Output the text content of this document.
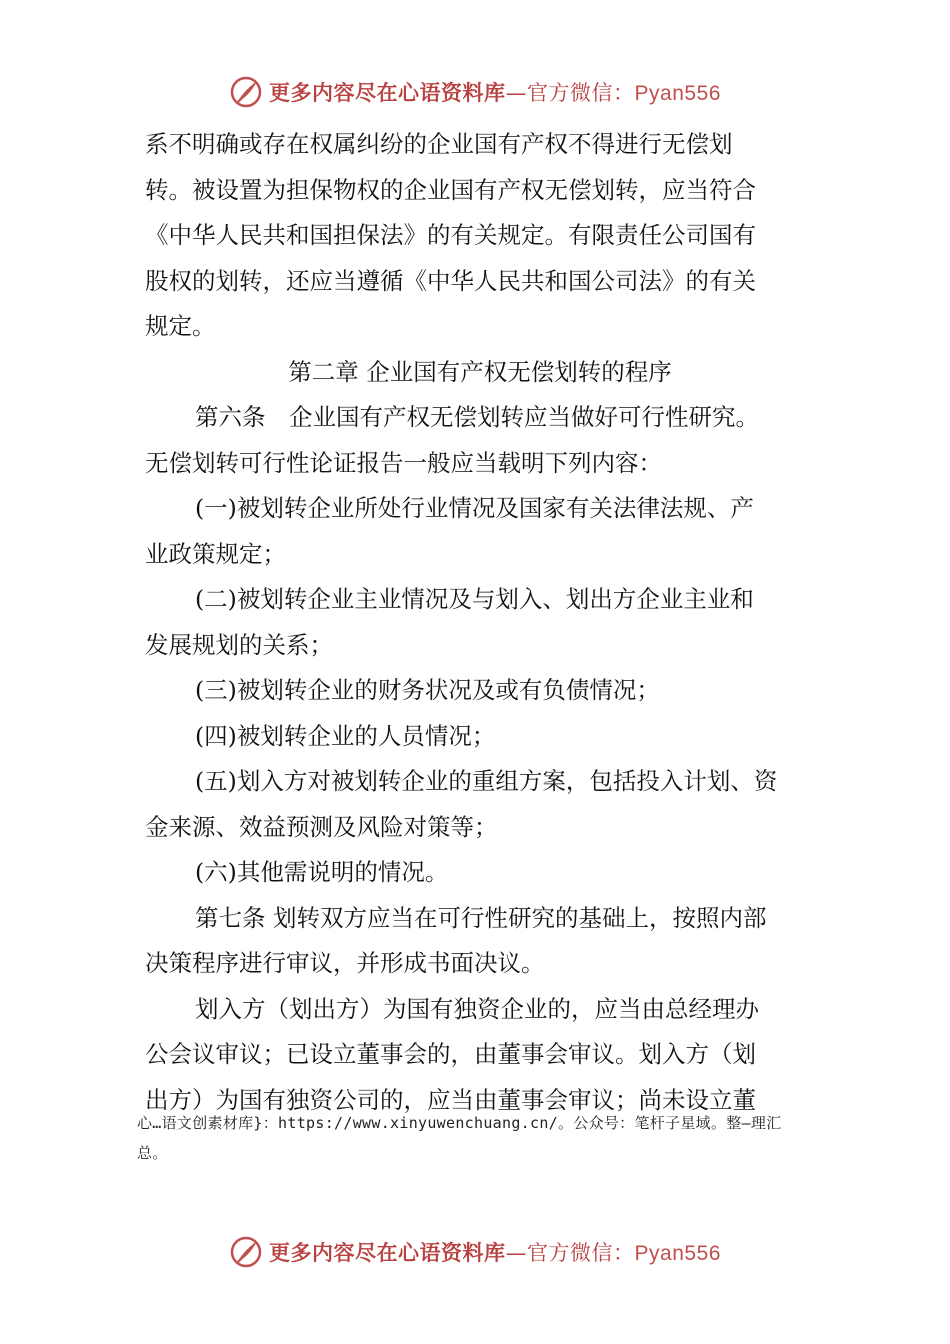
更多内容尽在心语资料库—官方微信：Pyan556

系不明确或存在权属纠纷的企业国有产权不得进行无偿划

转。被设置为担保物权的企业国有产权无偿划转，应当符合

《中华人民共和国担保法》的有关规定。有限责任公司国有

股权的划转，还应当遵循《中华人民共和国公司法》的有关

规定。

第二章 企业国有产权无偿划转的程序

第六条　企业国有产权无偿划转应当做好可行性研究。

无偿划转可行性论证报告一般应当载明下列内容：

(一)被划转企业所处行业情况及国家有关法律法规、产

业政策规定；

(二)被划转企业主业情况及与划入、划出方企业主业和

发展规划的关系；

(三)被划转企业的财务状况及或有负债情况；

(四)被划转企业的人员情况；

(五)划入方对被划转企业的重组方案，包括投入计划、资

金来源、效益预测及风险对策等；

(六)其他需说明的情况。

第七条 划转双方应当在可行性研究的基础上，按照内部

决策程序进行审议，并形成书面决议。

划入方（划出方）为国有独资企业的，应当由总经理办

公会议审议；已设立董事会的，由董事会审议。划入方（划

出方）为国有独资公司的，应当由董事会审议；尚未设立董

心…语文创素材库}：https://www.xinyuwenchuang.cn/。公众号：笔杆子星域。整—理汇

总。

更多内容尽在心语资料库—官方微信：Pyan556
